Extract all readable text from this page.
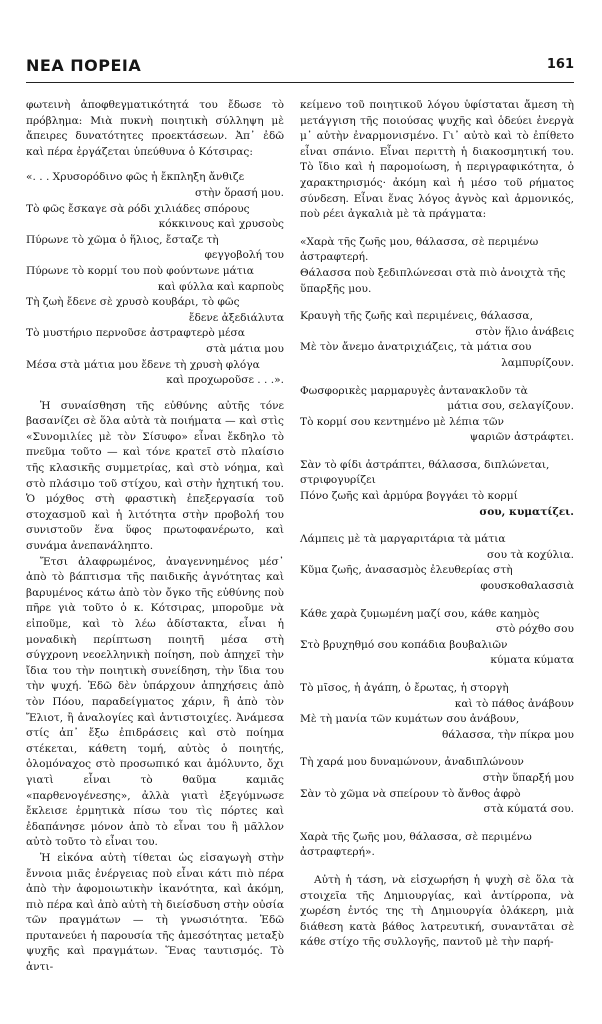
ΝΕΑ ΠΟΡΕΙΑ	161

φωτεινὴ ἀποφθεγματικότητά του ἔδωσε τὸ πρόβλημα: Μιὰ πυκνὴ ποιητικὴ σύλληψη μὲ ἄπειρες δυνατότητες προεκτάσεων. Ἀπ᾽ ἐδῶ καὶ πέρα ἐργάζεται ὑπεύθυνα ὁ Κότσιρας:

«. . . Χρυσορόδινο φῶς ἡ ἔκπληξη ἄνθιζε

στὴν ὅρασή μου.

Τὸ φῶς ἔσκαγε σὰ ρόδι χιλιάδες σπόρους

κόκκινους καὶ χρυσοὺς

Πύρωνε τὸ χῶμα ὁ ἥλιος, ἔσταζε τὴ

φεγγοβολή του

Πύρωνε τὸ κορμί του ποὺ φούντωνε μάτια

καὶ φύλλα καὶ καρποὺς

Τὴ ζωὴ ἔδενε σὲ χρυσὸ κουβάρι, τὸ φῶς

ἔδενε ἀξεδιάλυτα

Τὸ μυστήριο περνοῦσε ἀστραφτερὸ μέσα

στὰ μάτια μου

Μέσα στὰ μάτια μου ἔδενε τὴ χρυσὴ φλόγα

καὶ προχωροῦσε . . .».

Ἡ συναίσθηση τῆς εὐθύνης αὐτῆς τόνε βασανίζει σὲ ὅλα αὐτὰ τὰ ποιήματα — καὶ στὶς «Συνομιλίες μὲ τὸν Σίσυφο» εἶναι ἔκδηλο τὸ πνεῦμα τοῦτο — καὶ τόνε κρατεῖ στὸ πλαίσιο τῆς κλασικῆς συμμετρίας, καὶ στὸ νόημα, καὶ στὸ πλάσιμο τοῦ στίχου, καὶ στὴν ἠχητική του. Ὁ μόχθος στὴ φραστικὴ ἐπεξεργασία τοῦ στοχασμοῦ καὶ ἡ λιτότητα στὴν προβολή του συνιστοῦν ἕνα ὕφος πρωτοφανέρωτο, καὶ συνάμα ἀνεπανάληπτο.

Ἔτσι ἀλαφρωμένος, ἀναγεννημένος μέσ᾽ ἀπὸ τὸ βάπτισμα τῆς παιδικῆς ἁγνότητας καὶ βαρυμένος κάτω ἀπὸ τὸν ὄγκο τῆς εὐθύνης ποὺ πῆρε γιὰ τοῦτο ὁ κ. Κότσιρας, μποροῦμε νὰ εἰποῦμε, καὶ τὸ λέω ἀδίστακτα, εἶναι ἡ μοναδικὴ περίπτωση ποιητῆ μέσα στὴ σύγχρονη νεοελληνικὴ ποίηση, ποὺ ἀπηχεῖ τὴν ἴδια του τὴν ποιητικὴ συνείδηση, τὴν ἴδια του τὴν ψυχή. Ἐδῶ δὲν ὑπάρχουν ἀπηχήσεις ἀπὸ τὸν Πόου, παραδείγματος χάριν, ἢ ἀπὸ τὸν Ἔλιοτ, ἢ ἀναλογίες καὶ ἀντιστοιχίες. Ἀνάμεσα στίς ἀπ᾽ ἔξω ἐπιδράσεις καὶ στὸ ποίημα στέκεται, κάθετη τομή, αὐτὸς ὁ ποιητής, ὁλομόναχος στὸ προσωπικό και ἀμόλυντο, ὄχι γιατὶ εἶναι τὸ θαῦμα καμιᾶς «παρθενογένεσης», ἀλλὰ γιατὶ ἐξεγύμνωσε ἔκλεισε ἐρμητικὰ πίσω του τὶς πόρτες καὶ ἐδαπάνησε μόνον ἀπὸ τὸ εἶναι του ἢ μᾶλλον αὐτὸ τοῦτο τὸ εἶναι του.

Ἡ εἰκόνα αὐτὴ τίθεται ὡς εἰσαγωγὴ στὴν ἔννοια μιᾶς ἐνέργειας ποὺ εἶναι κάτι πιὸ πέρα ἀπὸ τὴν ἀφομοιωτικὴν ἱκανότητα, καὶ ἀκόμη, πιὸ πέρα καὶ ἀπὸ αὐτὴ τὴ διείσδυση στὴν οὐσία τῶν πραγμάτων — τὴ γνωσιότητα. Ἐδῶ πρυτανεύει ἡ παρουσία τῆς ἀμεσότητας μεταξὺ ψυχῆς καὶ πραγμάτων. Ἕνας ταυτισμός. Τὸ ἀντι-

κείμενο τοῦ ποιητικοῦ λόγου ὑφίσταται ἄμεση τὴ μετάγγιση τῆς ποιούσας ψυχῆς καὶ ὁδεύει ἐνεργὰ μ᾽ αὐτὴν ἐναρμονισμένο. Γι᾽ αὐτὸ καὶ τὸ ἐπίθετο εἶναι σπάνιο. Εἶναι περιττὴ ἡ διακοσμητική του. Τὸ ἴδιο καὶ ἡ παρομοίωση, ἡ περιγραφικότητα, ὁ χαρακτηρισμός· ἀκόμη καὶ ἡ μέσο τοῦ ρήματος σύνδεση. Εἶναι ἕνας λόγος ἁγνὸς καὶ ἁρμονικός, ποὺ ρέει ἀγκαλιὰ μὲ τὰ πράγματα:

«Χαρὰ τῆς ζωῆς μου, θάλασσα, σὲ περιμένω ἀστραφτερή.

Θάλασσα ποὺ ξεδιπλώνεσαι στὰ πιὸ ἀνοιχτὰ τῆς ὕπαρξῆς μου.

Κραυγὴ τῆς ζωῆς καὶ περιμένεις, θάλασσα,

στὸν ἥλιο ἀνάβεις

Μὲ τὸν ἄνεμο ἀνατριχιάζεις, τὰ μάτια σου

λαμπυρίζουν.

Φωσφορικὲς μαρμαρυγὲς ἀντανακλοῦν τὰ

μάτια σου, σελαγίζουν.

Τὸ κορμί σου κεντημένο μὲ λέπια τῶν

ψαριῶν ἀστράφτει.

Σὰν τὸ φίδι ἀστράπτει, θάλασσα, διπλώνεται, στριφογυρίζει

Πόνο ζωῆς καὶ ἁρμύρα βογγάει τὸ κορμί

σου, κυματίζει.

Λάμπεις μὲ τὰ μαργαριτάρια τὰ μάτια

σου τὰ κοχύλια.

Κῦμα ζωῆς, ἀνασασμὸς ἐλευθερίας στὴ

φουσκοθαλασσιὰ

Κάθε χαρὰ ζυμωμένη μαζί σου, κάθε καημὸς

στὸ ρόχθο σου

Στὸ βρυχηθμό σου κοπάδια βουβαλιῶν

κύματα κύματα

Τὸ μῖσος, ἡ ἀγάπη, ὁ ἔρωτας, ἡ στοργὴ

καὶ τὸ πάθος ἀνάβουν

Μὲ τὴ μανία τῶν κυμάτων σου ἀνάβουν,

θάλασσα, τὴν πίκρα μου

Τὴ χαρά μου δυναμώνουν, ἀναδιπλώνουν

στὴν ὕπαρξή μου

Σὰν τὸ χῶμα νὰ σπείρουν τὸ ἄνθος ἀφρὸ

στὰ κύματά σου.

Χαρὰ τῆς ζωῆς μου, θάλασσα, σὲ περιμένω ἀστραφτερή».

Αὐτὴ ἡ τάση, νὰ εἰσχωρήση ἡ ψυχὴ σὲ ὅλα τὰ στοιχεῖα τῆς Δημιουργίας, καὶ ἀντίρροπα, νὰ χωρέση ἐντός της τὴ Δημιουργία ὁλάκερη, μιὰ διάθεση κατὰ βάθος λατρευτική, συναντᾶται σὲ κάθε στίχο τῆς συλλογῆς, παντοῦ μὲ τὴν παρή-
